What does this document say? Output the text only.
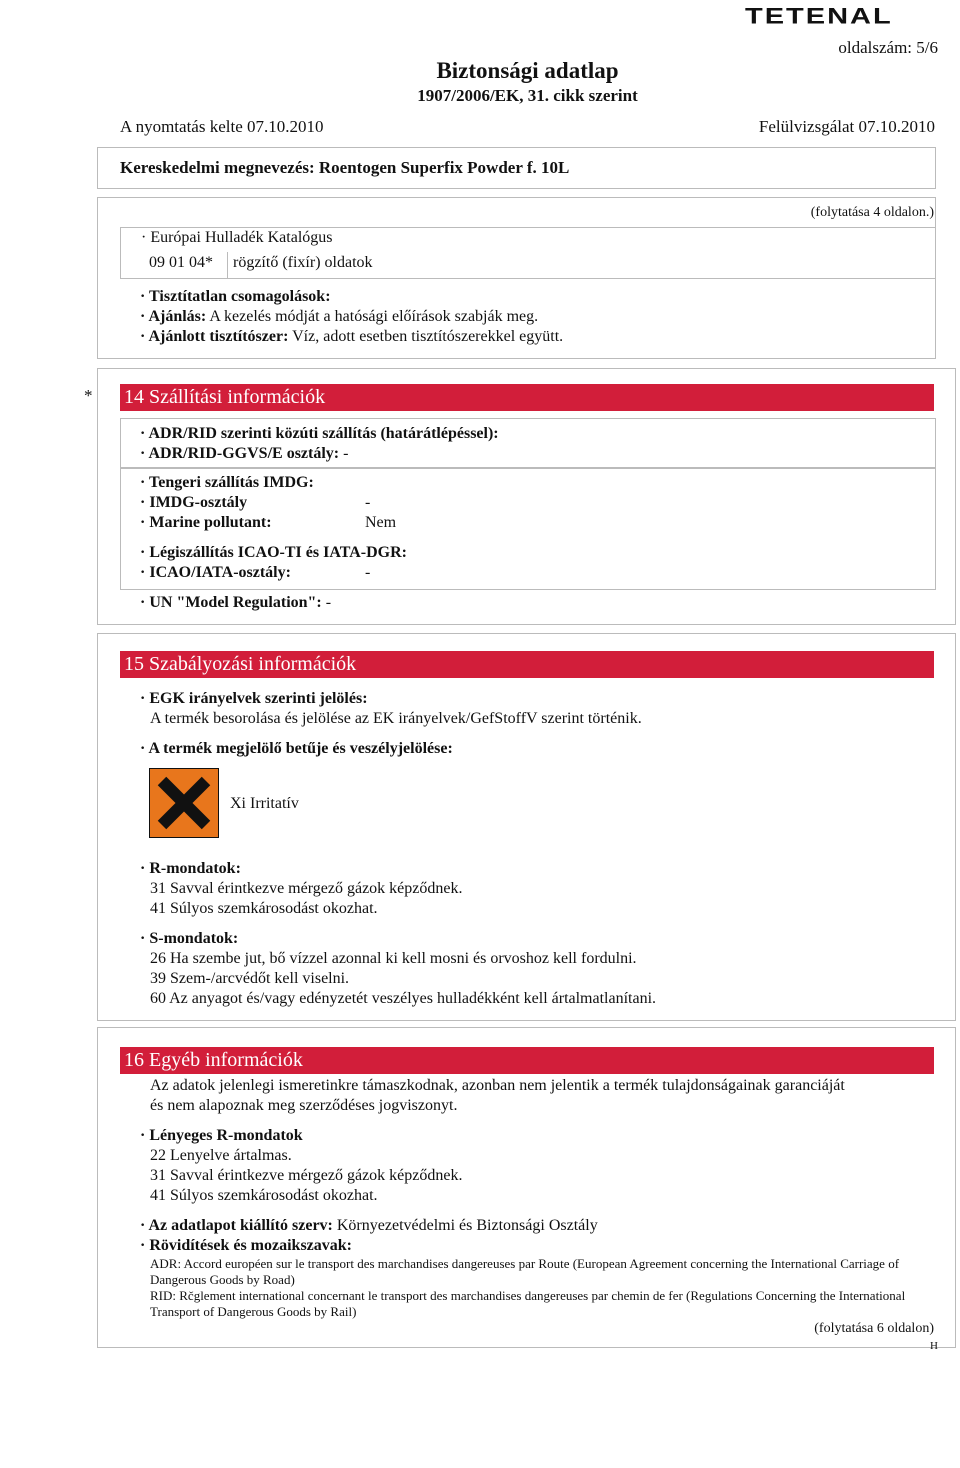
TETENAL
oldalszám: 5/6
Biztonsági adatlap
1907/2006/EK, 31. cikk szerint
A nyomtatás kelte 07.10.2010	Felülvizsgálat 07.10.2010
Kereskedelmi megnevezés: Roentogen Superfix Powder f. 10L
(folytatása 4 oldalon.)
· Európai Hulladék Katalógus
09 01 04* rögzítő (fixír) oldatok
· Tisztítatlan csomagolások:
· Ajánlás: A kezelés módját a hatósági előírások szabják meg.
· Ajánlott tisztítószer: Víz, adott esetben tisztítószerekkel együtt.
* 14 Szállítási információk
· ADR/RID szerinti közúti szállítás (határátlépéssel):
· ADR/RID-GGVS/E osztály: -
· Tengeri szállítás IMDG:
· IMDG-osztály	-
· Marine pollutant:	Nem
· Légiszállítás ICAO-TI és IATA-DGR:
· ICAO/IATA-osztály:	-
· UN "Model Regulation": -
15 Szabályozási információk
· EGK irányelvek szerinti jelölés:
A termék besorolása és jelölése az EK irányelvek/GefStoffV szerint történik.
· A termék megjelölő betűje és veszélyjelölése:
Xi Irritatív
· R-mondatok:
31 Savval érintkezve mérgező gázok képződnek.
41 Súlyos szemkárosodást okozhat.
· S-mondatok:
26 Ha szembe jut, bő vízzel azonnal ki kell mosni és orvoshoz kell fordulni.
39 Szem-/arcvédőt kell viselni.
60 Az anyagot és/vagy edényzetét veszélyes hulladékként kell ártalmatlanítani.
16 Egyéb információk
Az adatok jelenlegi ismeretinkre támaszkodnak, azonban nem jelentik a termék tulajdonságainak garanciáját
és nem alapoznak meg szerződéses jogviszonyt.
· Lényeges R-mondatok
22 Lenyelve ártalmas.
31 Savval érintkezve mérgező gázok képződnek.
41 Súlyos szemkárosodást okozhat.
· Az adatlapot kiállító szerv: Környezetvédelmi és Biztonsági Osztály
· Rövidítések és mozaikszavak:
ADR: Accord européen sur le transport des marchandises dangereuses par Route (European Agreement concerning the International Carriage of Dangerous Goods by Road)
RID: Rčglement international concernant le transport des marchandises dangereuses par chemin de fer (Regulations Concerning the International Transport of Dangerous Goods by Rail)
(folytatása 6 oldalon)
H
